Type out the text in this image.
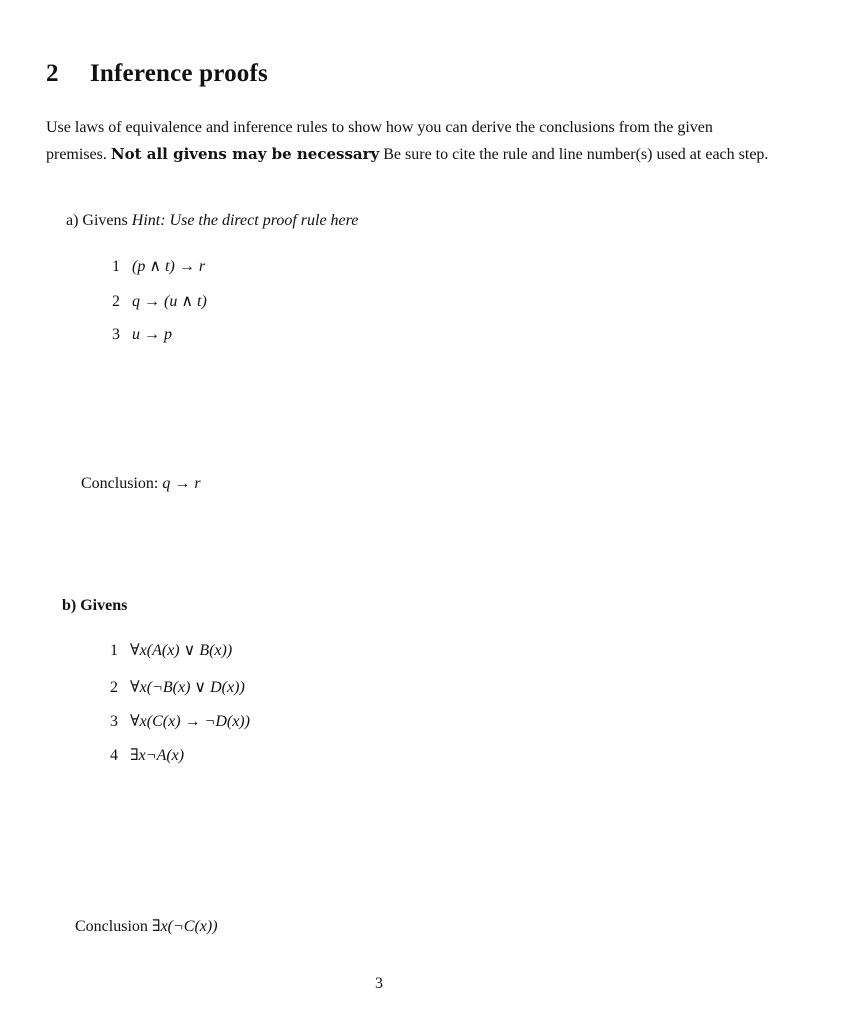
2 Inference proofs
Use laws of equivalence and inference rules to show how you can derive the conclusions from the given premises. Not all givens may be necessary Be sure to cite the rule and line number(s) used at each step.
a) Givens Hint: Use the direct proof rule here
1 (p ∧ t) → r
2 q → (u ∧ t)
3 u → p
Conclusion: q → r
b) Givens
1 ∀x(A(x) ∨ B(x))
2 ∀x(¬B(x) ∨ D(x))
3 ∀x(C(x) → ¬D(x))
4 ∃x¬A(x)
Conclusion ∃x(¬C(x))
3
